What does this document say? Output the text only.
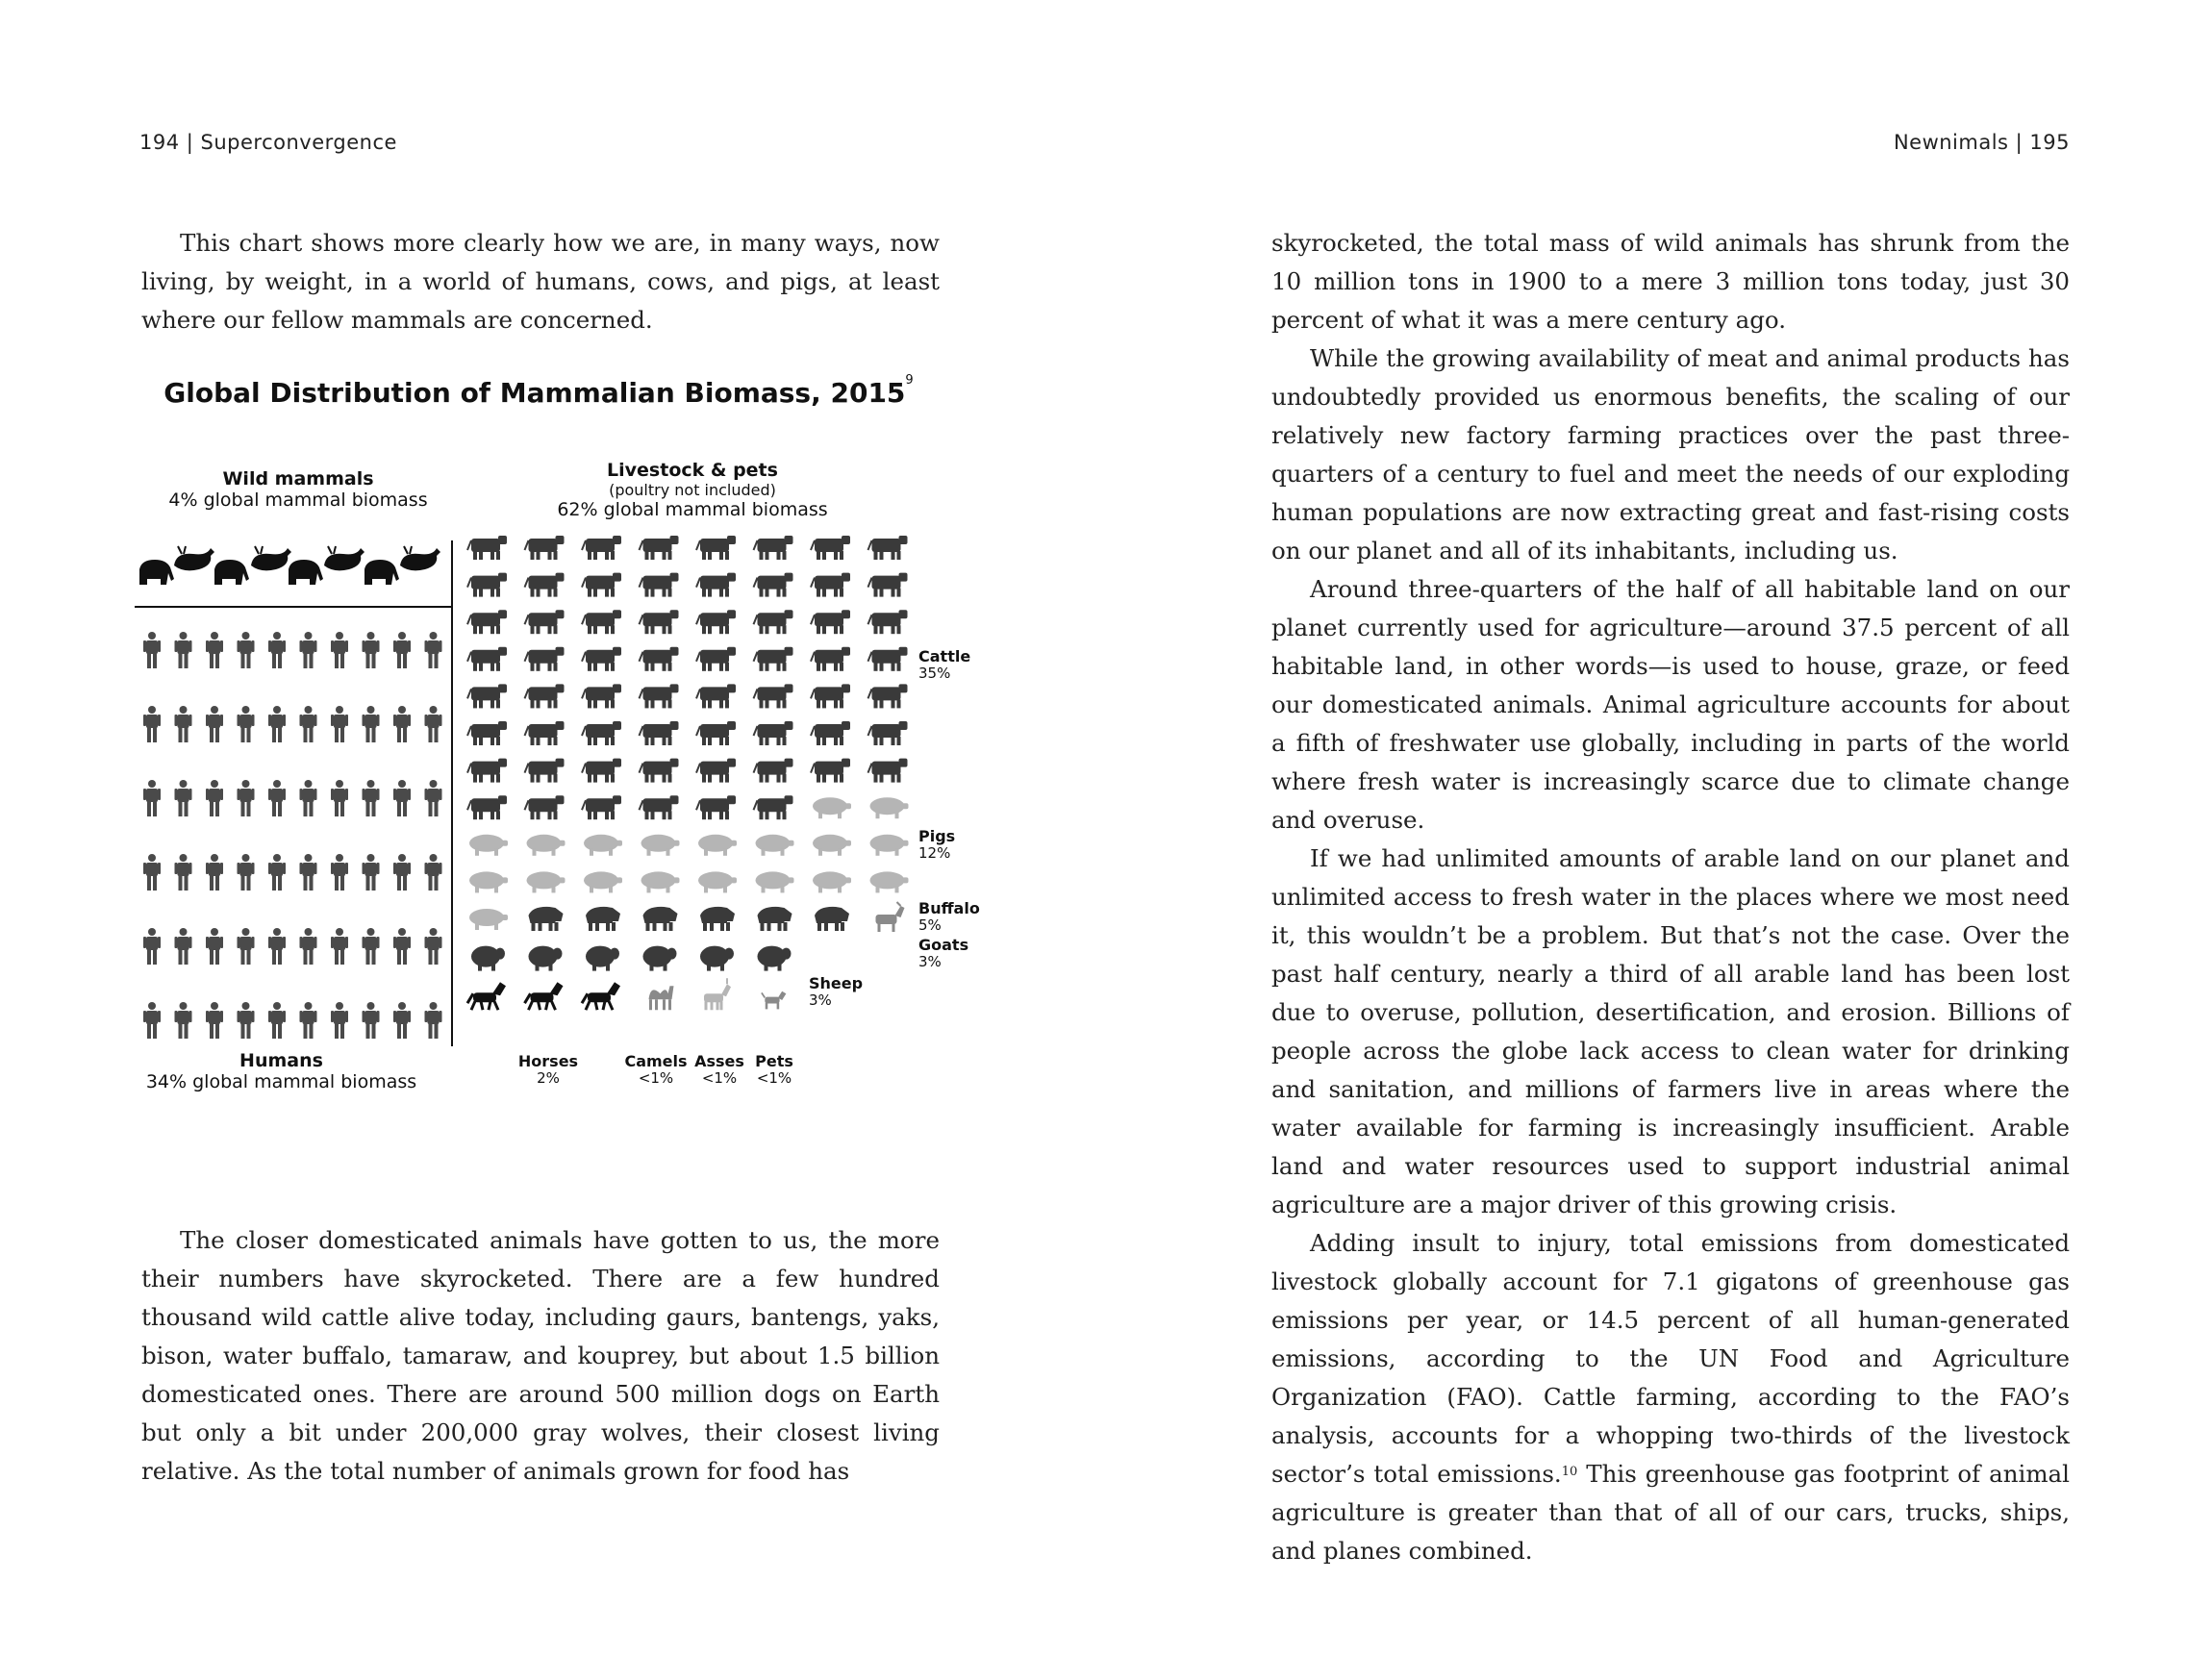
194 | Superconvergence	Newnimals | 195

This chart shows more clearly how we are, in many ways, now living, by weight, in a world of humans, cows, and pigs, at least where our fellow mammals are concerned.

Global Distribution of Mammalian Biomass, 2015$^9$
Wild mammals
4% global mammal biomass
Livestock & pets
(poultry not included)
62% global mammal biomass
Humans
34% global mammal biomass
Cattle
35%
Pigs
12%
Buffalo
5%
Goats
3%
Sheep
3%
Horses
2%
Camels
<1%
Asses
<1%
Pets
<1%

The closer domesticated animals have gotten to us, the more their numbers have skyrocketed. There are a few hundred thousand wild cattle alive today, including gaurs, bantengs, yaks, bison, water buffalo, tamaraw, and kouprey, but about 1.5 billion domesticated ones. There are around 500 million dogs on Earth but only a bit under 200,000 gray wolves, their closest living relative. As the total number of animals grown for food has

skyrocketed, the total mass of wild animals has shrunk from the 10 million tons in 1900 to a mere 3 million tons today, just 30 percent of what it was a mere century ago.

While the growing availability of meat and animal products has undoubtedly provided us enormous benefits, the scaling of our relatively new factory farming practices over the past three-quarters of a century to fuel and meet the needs of our exploding human populations are now extracting great and fast-rising costs on our planet and all of its inhabitants, including us.

Around three-quarters of the half of all habitable land on our planet currently used for agriculture—around 37.5 percent of all habitable land, in other words—is used to house, graze, or feed our domesticated animals. Animal agriculture accounts for about a fifth of freshwater use globally, including in parts of the world where fresh water is increasingly scarce due to climate change and overuse.

If we had unlimited amounts of arable land on our planet and unlimited access to fresh water in the places where we most need it, this wouldn’t be a problem. But that’s not the case. Over the past half century, nearly a third of all arable land has been lost due to overuse, pollution, desertification, and erosion. Billions of people across the globe lack access to clean water for drinking and sanitation, and millions of farmers live in areas where the water available for farming is increasingly insufficient. Arable land and water resources used to support industrial animal agriculture are a major driver of this growing crisis.

Adding insult to injury, total emissions from domesticated livestock globally account for 7.1 gigatons of greenhouse gas emissions per year, or 14.5 percent of all human-generated emissions, according to the UN Food and Agriculture Organization (FAO). Cattle farming, according to the FAO’s analysis, accounts for a whopping two-thirds of the livestock sector’s total emissions.$^{10}$ This greenhouse gas footprint of animal agriculture is greater than that of all of our cars, trucks, ships, and planes combined.
